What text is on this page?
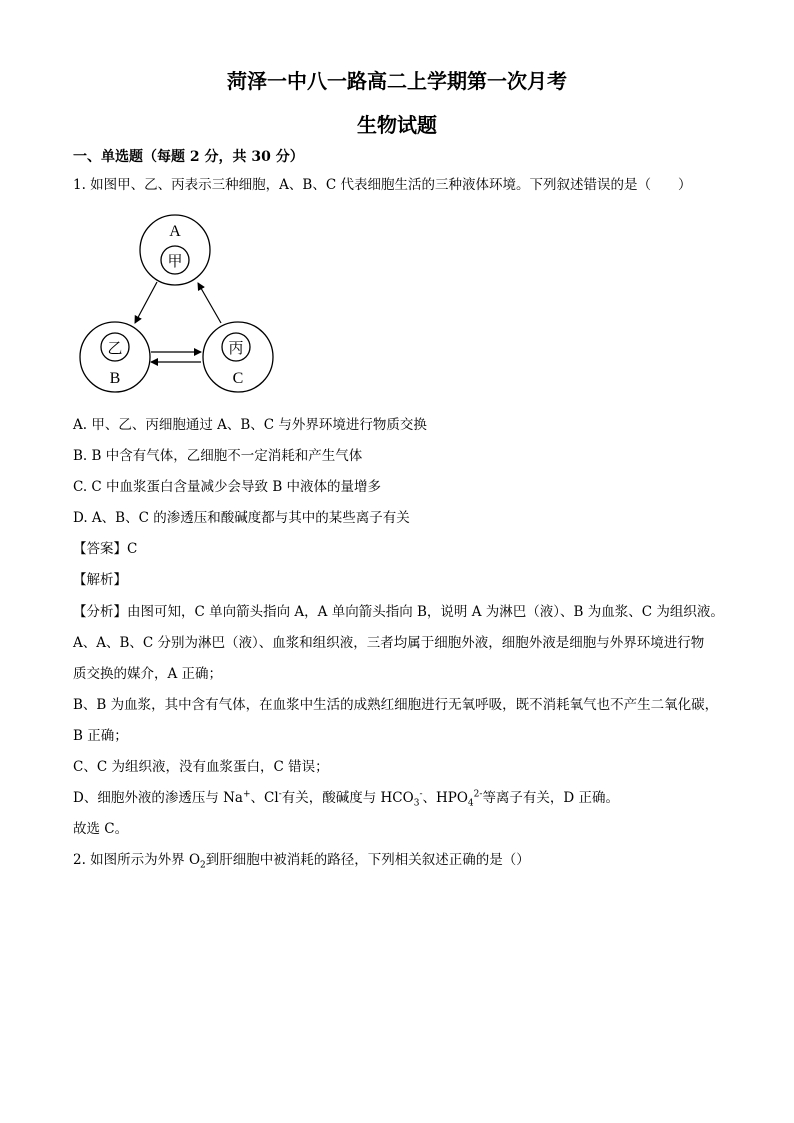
菏泽一中八一路高二上学期第一次月考
生物试题
一、单选题（每题 2 分，共 30 分）
1. 如图甲、乙、丙表示三种细胞，A、B、C 代表细胞生活的三种液体环境。下列叙述错误的是（　　）
A
甲
乙
B
丙
C
A. 甲、乙、丙细胞通过 A、B、C 与外界环境进行物质交换
B. B 中含有气体，乙细胞不一定消耗和产生气体
C. C 中血浆蛋白含量减少会导致 B 中液体的量增多
D. A、B、C 的渗透压和酸碱度都与其中的某些离子有关
【答案】C
【解析】
【分析】由图可知，C 单向箭头指向 A，A 单向箭头指向 B，说明 A 为淋巴（液）、B 为血浆、C 为组织液。
A、A、B、C 分别为淋巴（液）、血浆和组织液，三者均属于细胞外液，细胞外液是细胞与外界环境进行物
质交换的媒介，A 正确；
B、B 为血浆，其中含有气体，在血浆中生活的成熟红细胞进行无氧呼吸，既不消耗氧气也不产生二氧化碳，
B 正确；
C、C 为组织液，没有血浆蛋白，C 错误；
D、细胞外液的渗透压与 Na+、Cl-有关，酸碱度与 $HCO_3^-$、$HPO_4^{2-}$等离子有关，D 正确。
故选 C。
2. 如图所示为外界 $O_2$到肝细胞中被消耗的路径，下列相关叙述正确的是（）
